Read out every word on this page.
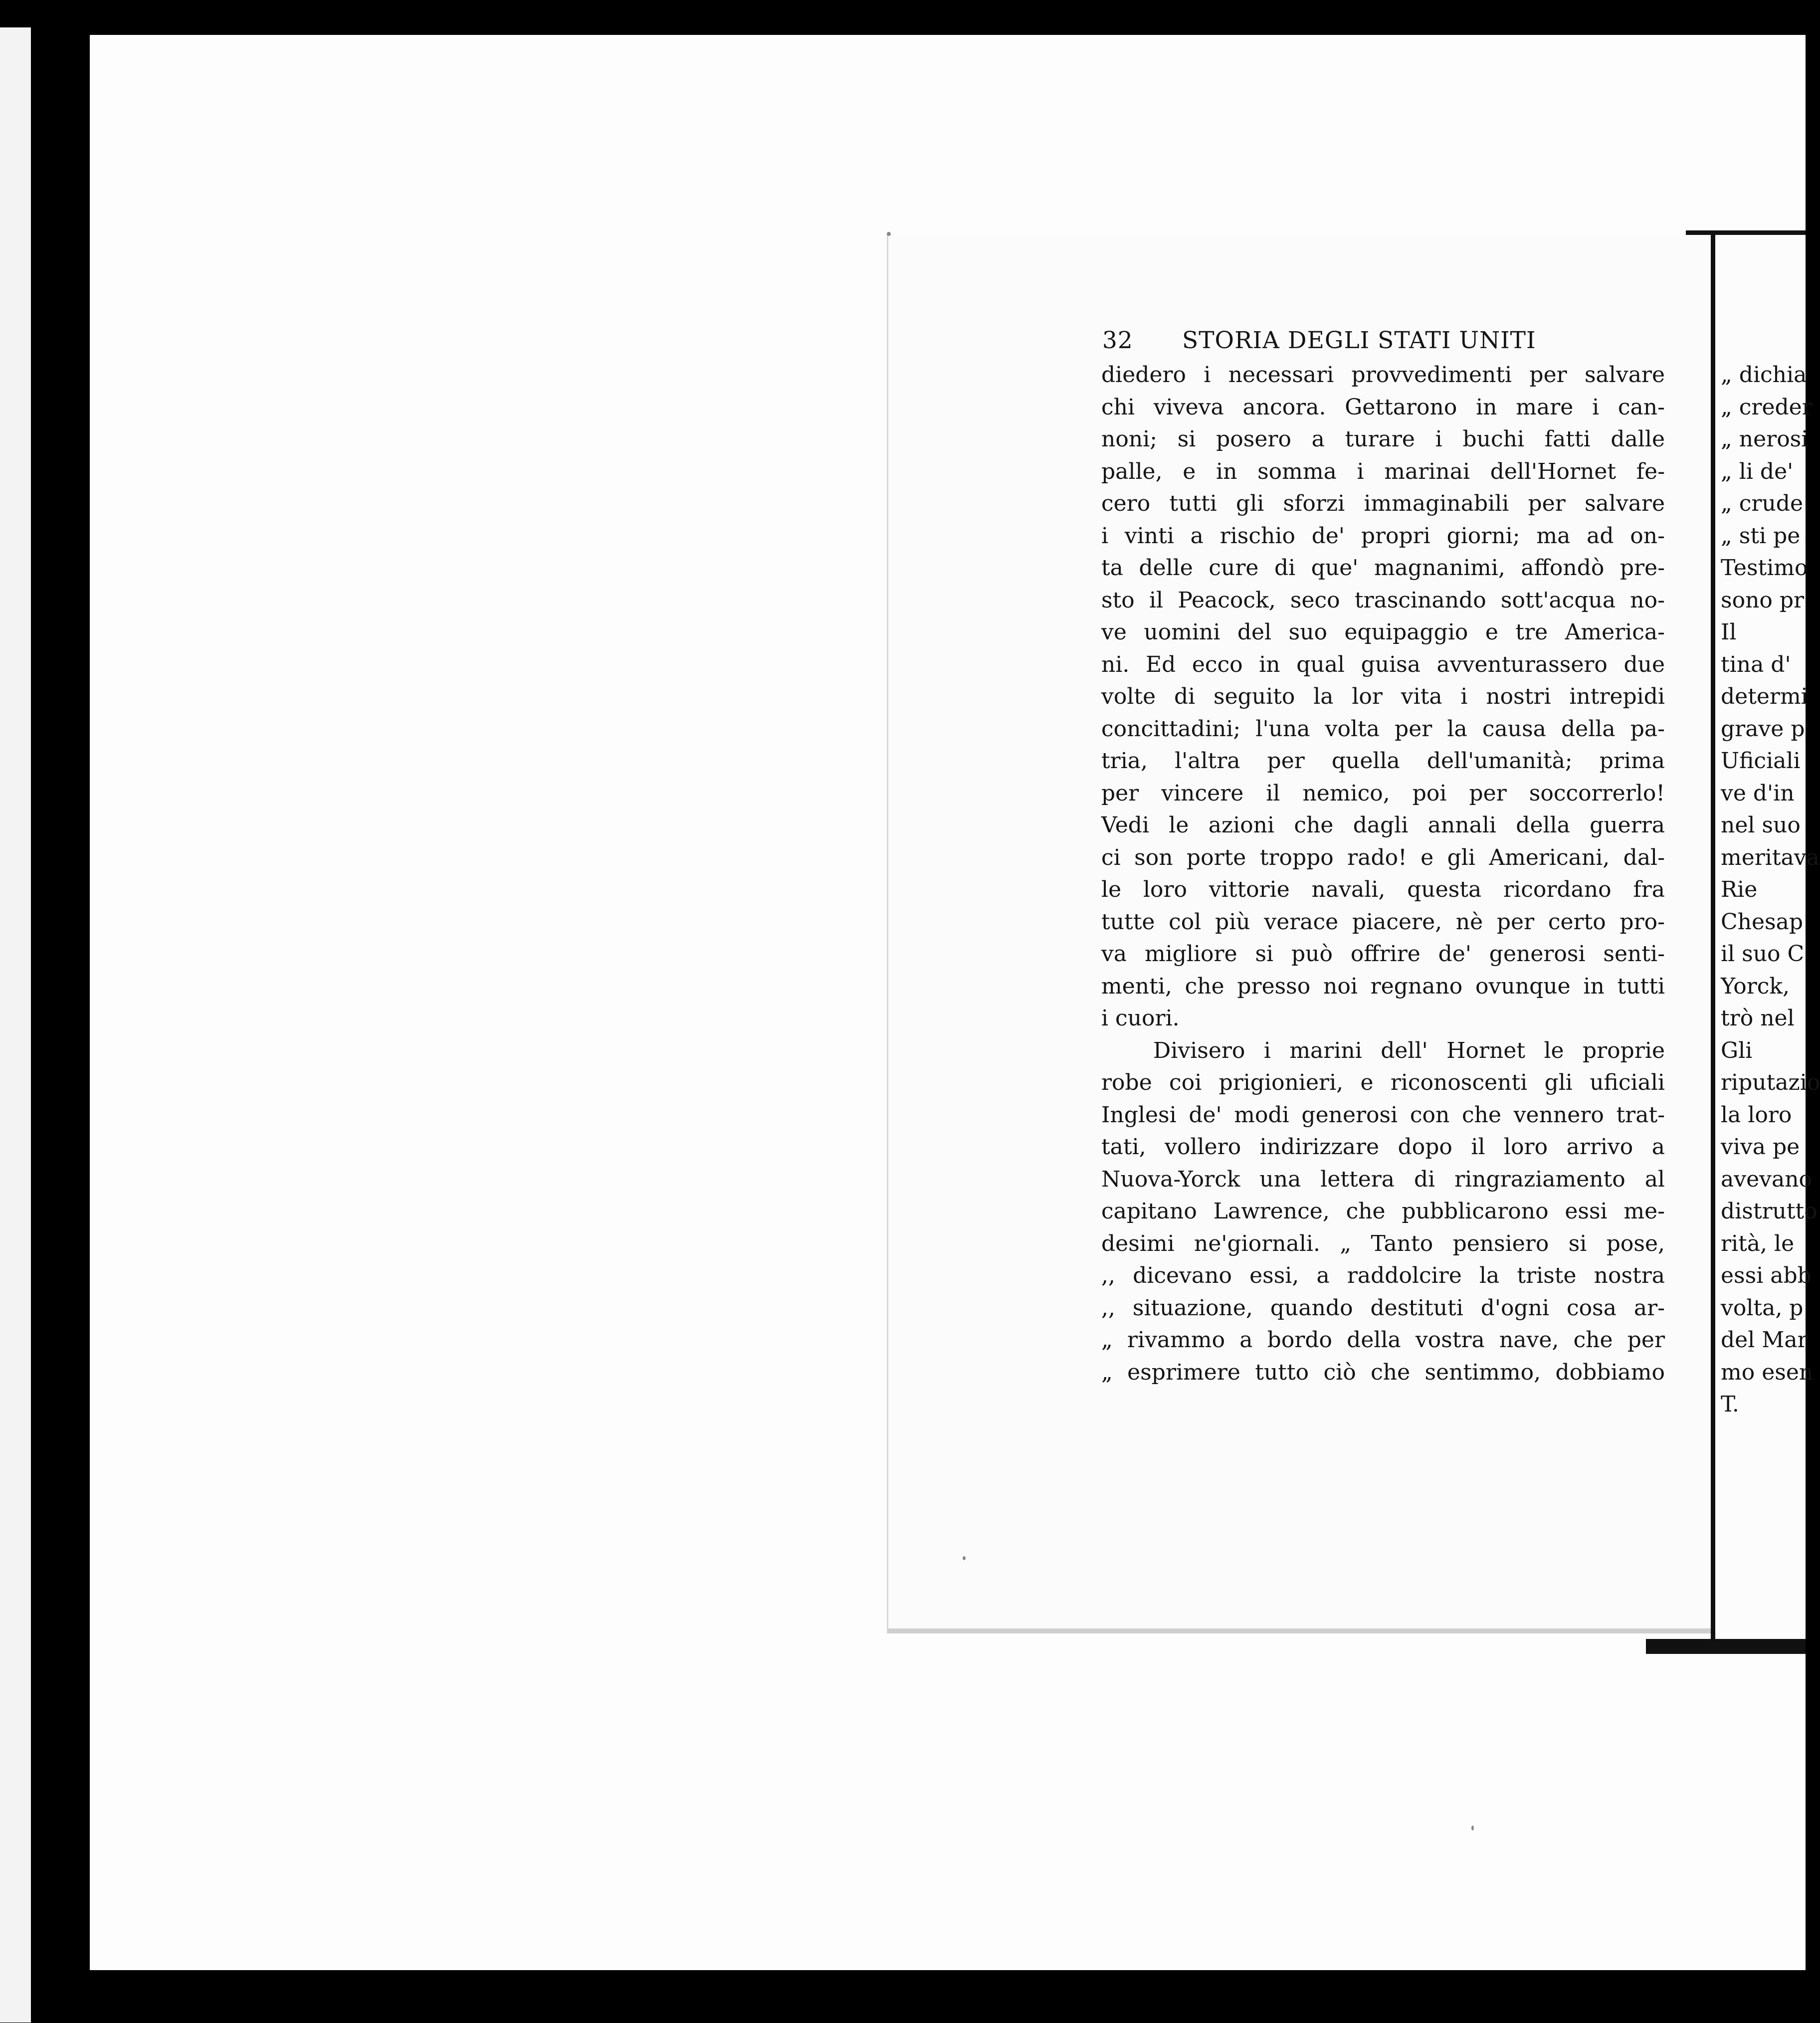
32 STORIA DEGLI STATI UNITI
diedero i necessari provvedimenti per salvare
chi viveva ancora. Gettarono in mare i can-
noni; si posero a turare i buchi fatti dalle
palle, e in somma i marinai dell'Hornet fe-
cero tutti gli sforzi immaginabili per salvare
i vinti a rischio de' propri giorni; ma ad on-
ta delle cure di que' magnanimi, affondò pre-
sto il Peacock, seco trascinando sott'acqua no-
ve uomini del suo equipaggio e tre America-
ni. Ed ecco in qual guisa avventurassero due
volte di seguito la lor vita i nostri intrepidi
concittadini; l'una volta per la causa della pa-
tria, l'altra per quella dell'umanità; prima
per vincere il nemico, poi per soccorrerlo!
Vedi le azioni che dagli annali della guerra
ci son porte troppo rado! e gli Americani, dal-
le loro vittorie navali, questa ricordano fra
tutte col più verace piacere, nè per certo pro-
va migliore si può offrire de' generosi senti-
menti, che presso noi regnano ovunque in tutti
i cuori.
Divisero i marini dell' Hornet le proprie
robe coi prigionieri, e riconoscenti gli uficiali
Inglesi de' modi generosi con che vennero trat-
tati, vollero indirizzare dopo il loro arrivo a
Nuova-Yorck una lettera di ringraziamento al
capitano Lawrence, che pubblicarono essi me-
desimi ne'giornali. „ Tanto pensiero si pose,
,, dicevano essi, a raddolcire la triste nostra
,, situazione, quando destituti d'ogni cosa ar-
„ rivammo a bordo della vostra nave, che per
„ esprimere tutto ciò che sentimmo, dobbiamo
„ dichia
„ creder
„ nerosi
„ li de'
„ crude
„ sti pe
Testimo
sono pr
Il
tina d'
determi
grave p
Uficiali
ve d'in
nel suo
meritava
Rie
Chesap
il suo C
Yorck,
trò nel
Gli
riputazio
la loro
viva pe
avevano
distrutto
rità, le
essi abb
volta, p
del Mar
mo esen
T.
